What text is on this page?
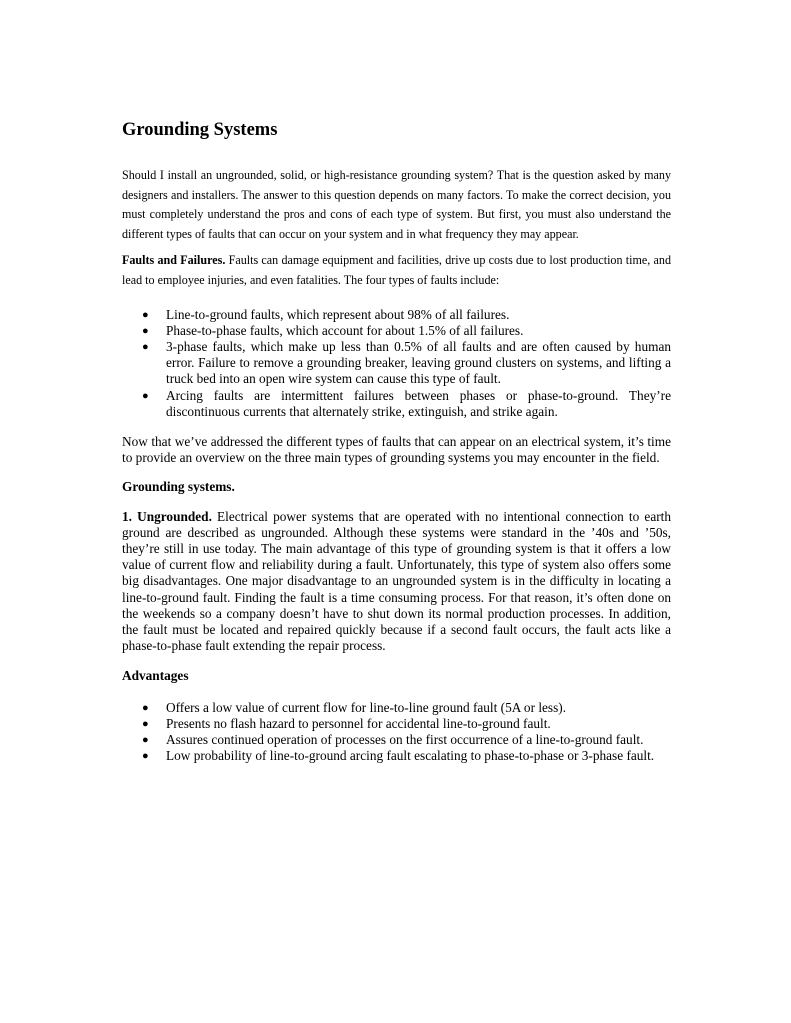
Grounding Systems

Should I install an ungrounded, solid, or high-resistance grounding system? That is the question asked by many designers and installers. The answer to this question depends on many factors. To make the correct decision, you must completely understand the pros and cons of each type of system. But first, you must also understand the different types of faults that can occur on your system and in what frequency they may appear.

Faults and Failures. Faults can damage equipment and facilities, drive up costs due to lost production time, and lead to employee injuries, and even fatalities. The four types of faults include:

● Line-to-ground faults, which represent about 98% of all failures.
● Phase-to-phase faults, which account for about 1.5% of all failures.
● 3-phase faults, which make up less than 0.5% of all faults and are often caused by human error. Failure to remove a grounding breaker, leaving ground clusters on systems, and lifting a truck bed into an open wire system can cause this type of fault.
● Arcing faults are intermittent failures between phases or phase-to-ground. They’re discontinuous currents that alternately strike, extinguish, and strike again.

Now that we’ve addressed the different types of faults that can appear on an electrical system, it’s time to provide an overview on the three main types of grounding systems you may encounter in the field.

Grounding systems.

1. Ungrounded. Electrical power systems that are operated with no intentional connection to earth ground are described as ungrounded. Although these systems were standard in the ’40s and ’50s, they’re still in use today. The main advantage of this type of grounding system is that it offers a low value of current flow and reliability during a fault. Unfortunately, this type of system also offers some big disadvantages. One major disadvantage to an ungrounded system is in the difficulty in locating a line-to-ground fault. Finding the fault is a time consuming process. For that reason, it’s often done on the weekends so a company doesn’t have to shut down its normal production processes. In addition, the fault must be located and repaired quickly because if a second fault occurs, the fault acts like a phase-to-phase fault extending the repair process.

Advantages

● Offers a low value of current flow for line-to-line ground fault (5A or less).
● Presents no flash hazard to personnel for accidental line-to-ground fault.
● Assures continued operation of processes on the first occurrence of a line-to-ground fault.
● Low probability of line-to-ground arcing fault escalating to phase-to-phase or 3-phase fault.
